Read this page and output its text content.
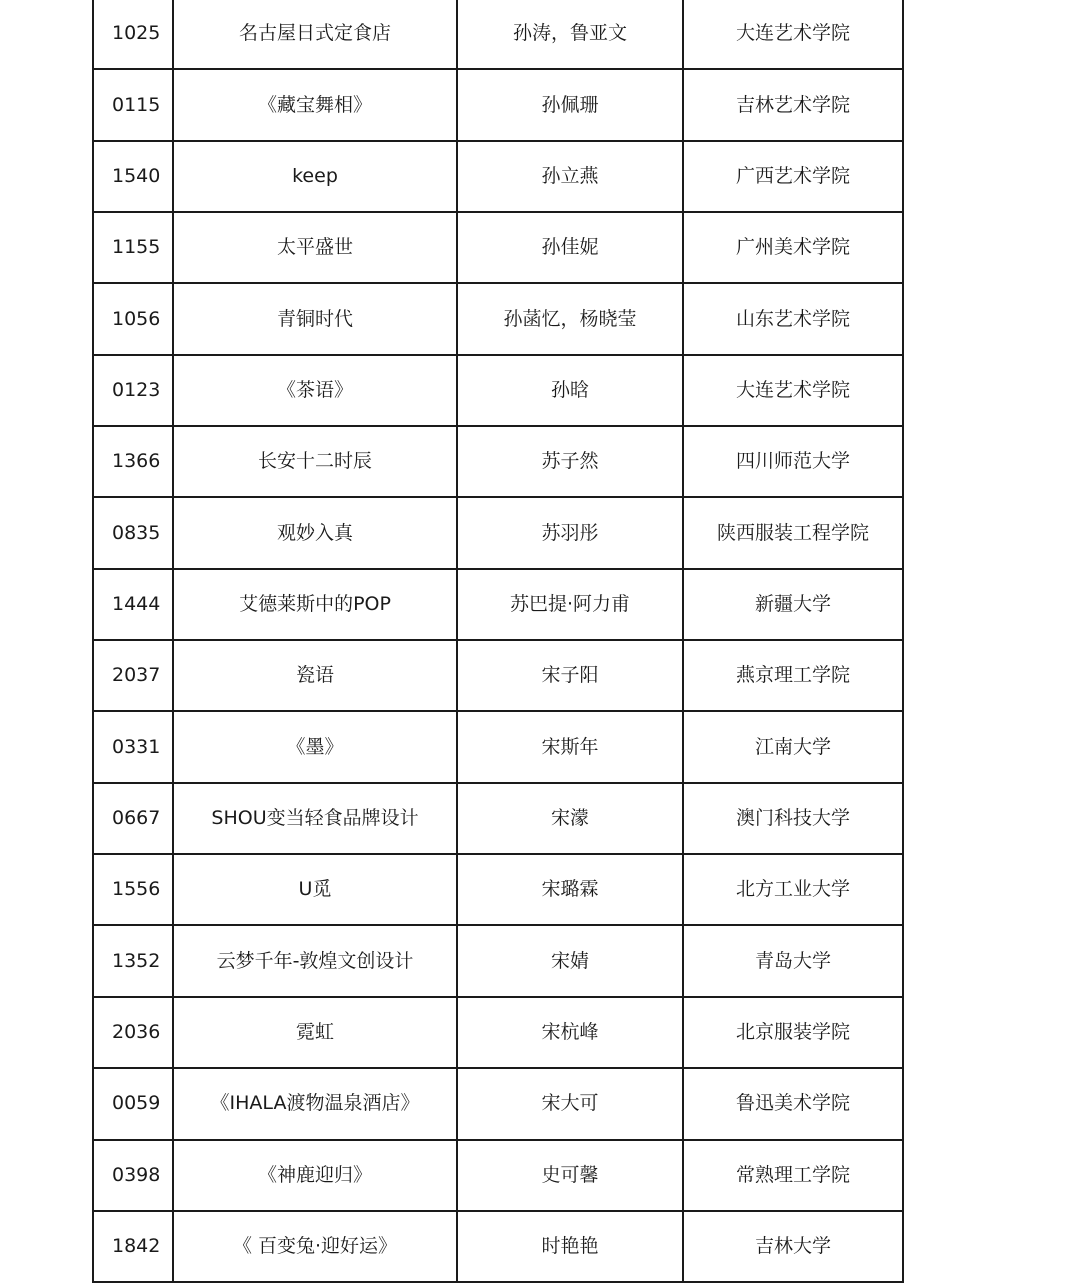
1025	名古屋日式定食店	孙涛，鲁亚文	大连艺术学院
0115	《藏宝舞相》	孙佩珊	吉林艺术学院
1540	keep	孙立燕	广西艺术学院
1155	太平盛世	孙佳妮	广州美术学院
1056	青铜时代	孙菡忆，杨晓莹	山东艺术学院
0123	《茶语》	孙晗	大连艺术学院
1366	长安十二时辰	苏子然	四川师范大学
0835	观妙入真	苏羽彤	陕西服装工程学院
1444	艾德莱斯中的POP	苏巴提·阿力甫	新疆大学
2037	瓷语	宋子阳	燕京理工学院
0331	《墨》	宋斯年	江南大学
0667	SHOU变当轻食品牌设计	宋濛	澳门科技大学
1556	U觅	宋璐霖	北方工业大学
1352	云梦千年-敦煌文创设计	宋婧	青岛大学
2036	霓虹	宋杭峰	北京服装学院
0059	《IHALA渡物温泉酒店》	宋大可	鲁迅美术学院
0398	《神鹿迎归》	史可馨	常熟理工学院
1842	《 百变兔·迎好运》	时艳艳	吉林大学
